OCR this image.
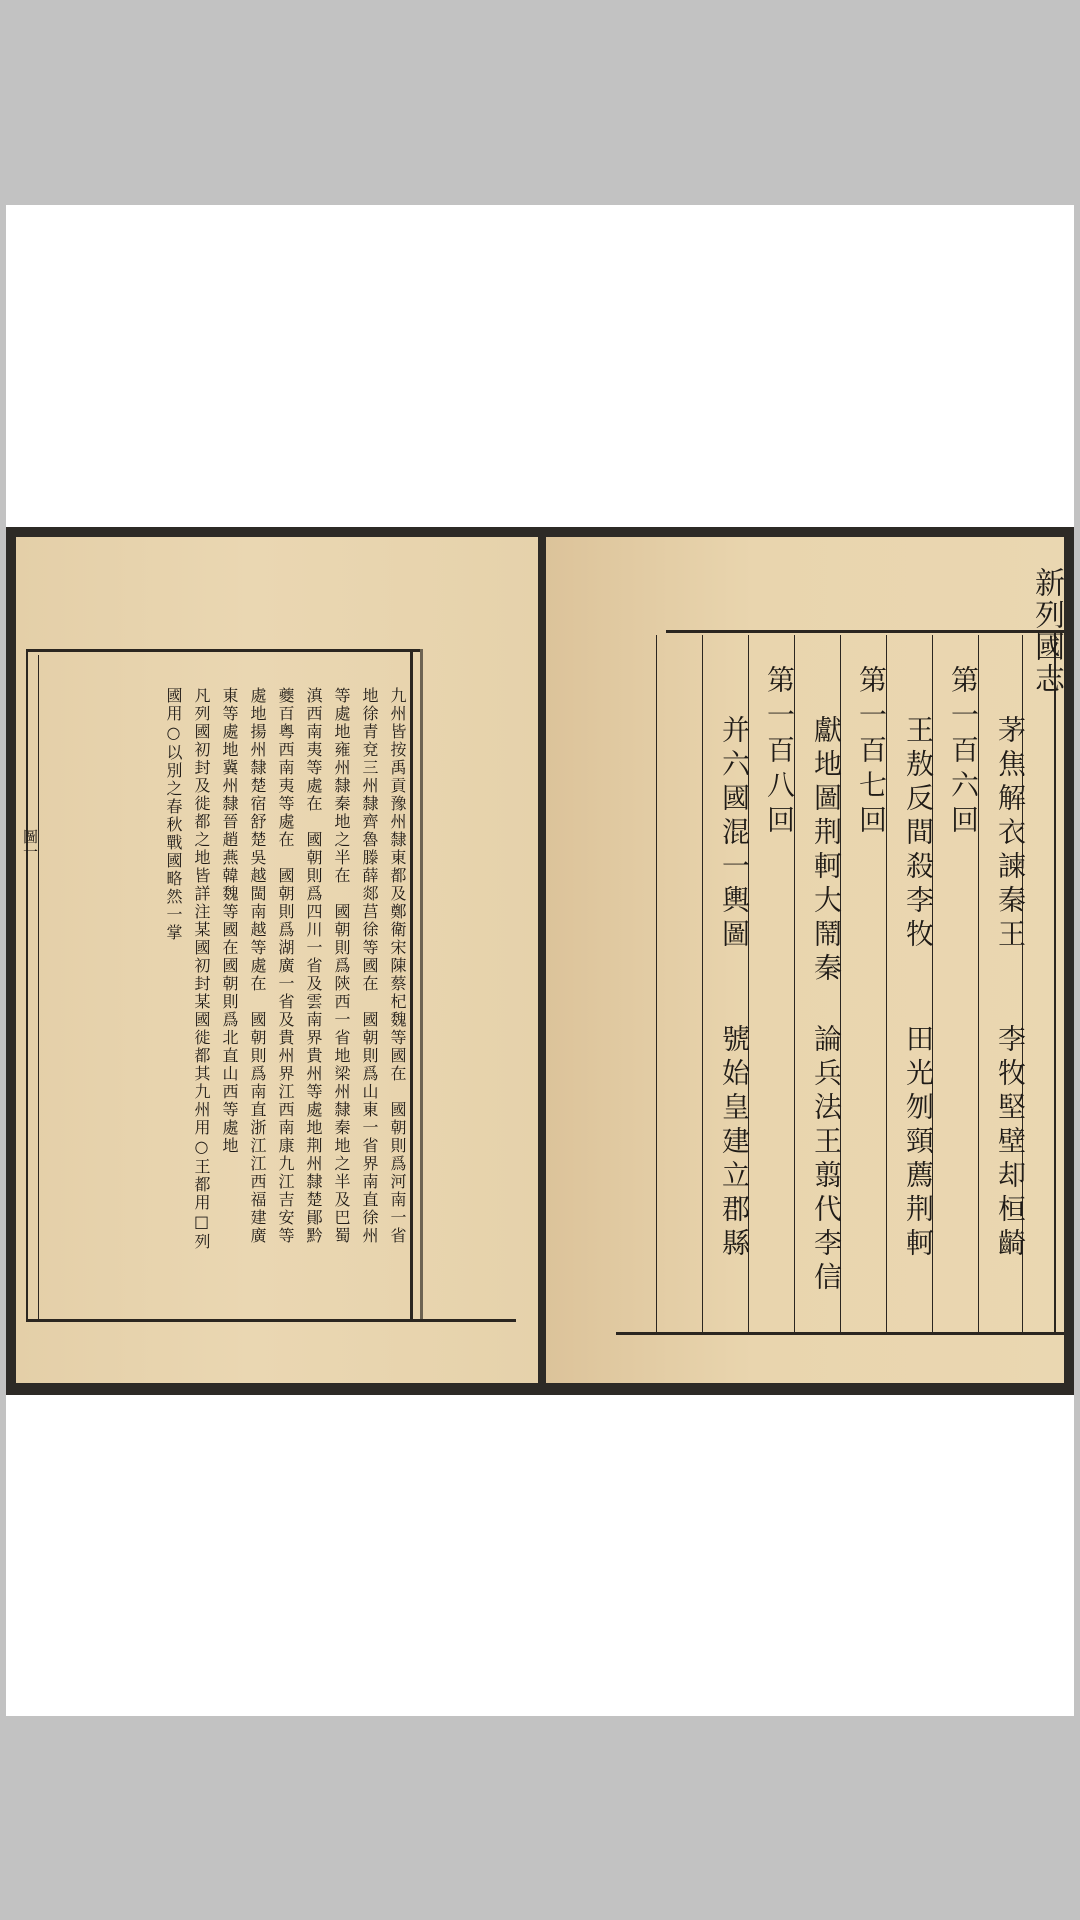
圖一	九州皆按禹貢豫州隸東都及鄭衛宋陳蔡杞魏等國在　國朝則爲河南一省
地徐青兗三州隸齊魯滕薛郯莒徐等國在　國朝則爲山東一省界南直徐州
等處地雍州隸秦地之半在　國朝則爲陝西一省地梁州隸秦地之半及巴蜀
滇西南夷等處在　國朝則爲四川一省及雲南界貴州等處地荆州隸楚鄖黔
夔百粵西南夷等處在　國朝則爲湖廣一省及貴州界江西南康九江吉安等
處地揚州隸楚宿舒楚吳越閩南越等處在　國朝則爲南直浙江江西福建廣
東等處地冀州隸晉趙燕韓魏等國在國朝則爲北直山西等處地
凡列國初封及徙都之地皆詳注某國初封某國徙都其九州用○王都用□列
國用○以別之春秋戰國略然一掌
新列國志
第一百六回 茅焦解衣諫秦王
王敖反間殺李牧
李牧堅壁却桓齮
田光刎頸薦荆軻
第一百七回
獻地圖荆軻大鬧秦
論兵法王翦代李信
第一百八回
并六國混一輿圖
號始皇建立郡縣
